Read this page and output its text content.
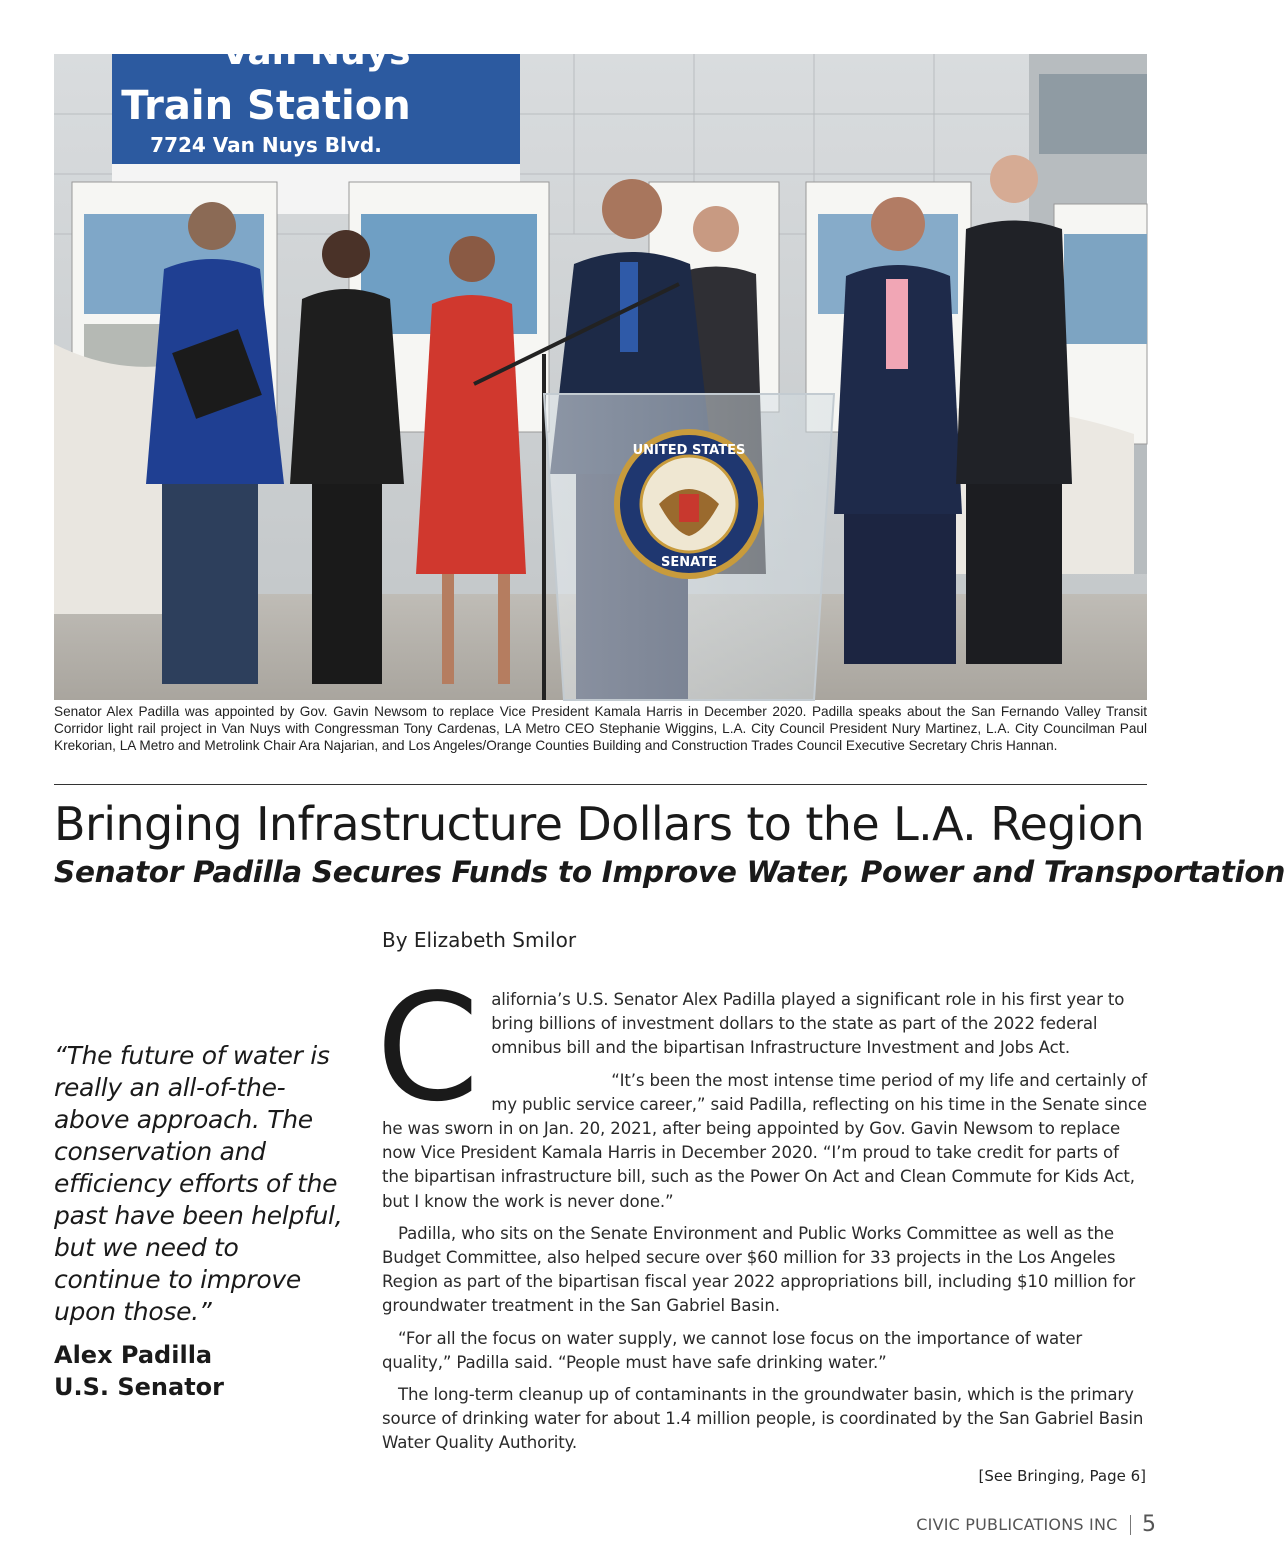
Van Nuys
Train Station
7724 Van Nuys Blvd.
UNITED STATES
SENATE
Senator Alex Padilla was appointed by Gov. Gavin Newsom to replace Vice President Kamala Harris in December 2020. Padilla speaks about the San Fernando Valley Transit Corridor light rail project in Van Nuys with Congressman Tony Cardenas, LA Metro CEO Stephanie Wiggins, L.A. City Council President Nury Martinez, L.A. City Councilman Paul Krekorian, LA Metro and Metrolink Chair Ara Najarian, and Los Angeles/Orange Counties Building and Construction Trades Council Executive Secretary Chris Hannan.
Bringing Infrastructure Dollars to the L.A. Region
Senator Padilla Secures Funds to Improve Water, Power and Transportation
By Elizabeth Smilor
“The future of water is really an all-of-the-above approach. The conservation and efficiency efforts of the past have been helpful, but we need to continue to improve upon those.”
Alex Padilla
U.S. Senator

California’s U.S. Senator Alex Padilla played a significant role in his first year to bring billions of investment dollars to the state as part of the 2022 federal omnibus bill and the bipartisan Infrastructure Investment and Jobs Act.

“It’s been the most intense time period of my life and certainly of my public service career,” said Padilla, reflecting on his time in the Senate since he was sworn in on Jan. 20, 2021, after being appointed by Gov. Gavin Newsom to replace now Vice President Kamala Harris in December 2020. “I’m proud to take credit for parts of the bipartisan infrastructure bill, such as the Power On Act and Clean Commute for Kids Act, but I know the work is never done.”

Padilla, who sits on the Senate Environment and Public Works Committee as well as the Budget Committee, also helped secure over $60 million for 33 projects in the Los Angeles Region as part of the bipartisan fiscal year 2022 appropriations bill, including $10 million for groundwater treatment in the San Gabriel Basin.

“For all the focus on water supply, we cannot lose focus on the importance of water quality,” Padilla said. “People must have safe drinking water.”

The long-term cleanup up of contaminants in the groundwater basin, which is the primary source of drinking water for about 1.4 million people, is coordinated by the San Gabriel Basin Water Quality Authority.

[See Bringing, Page 6]
CIVIC PUBLICATIONS INC 5
